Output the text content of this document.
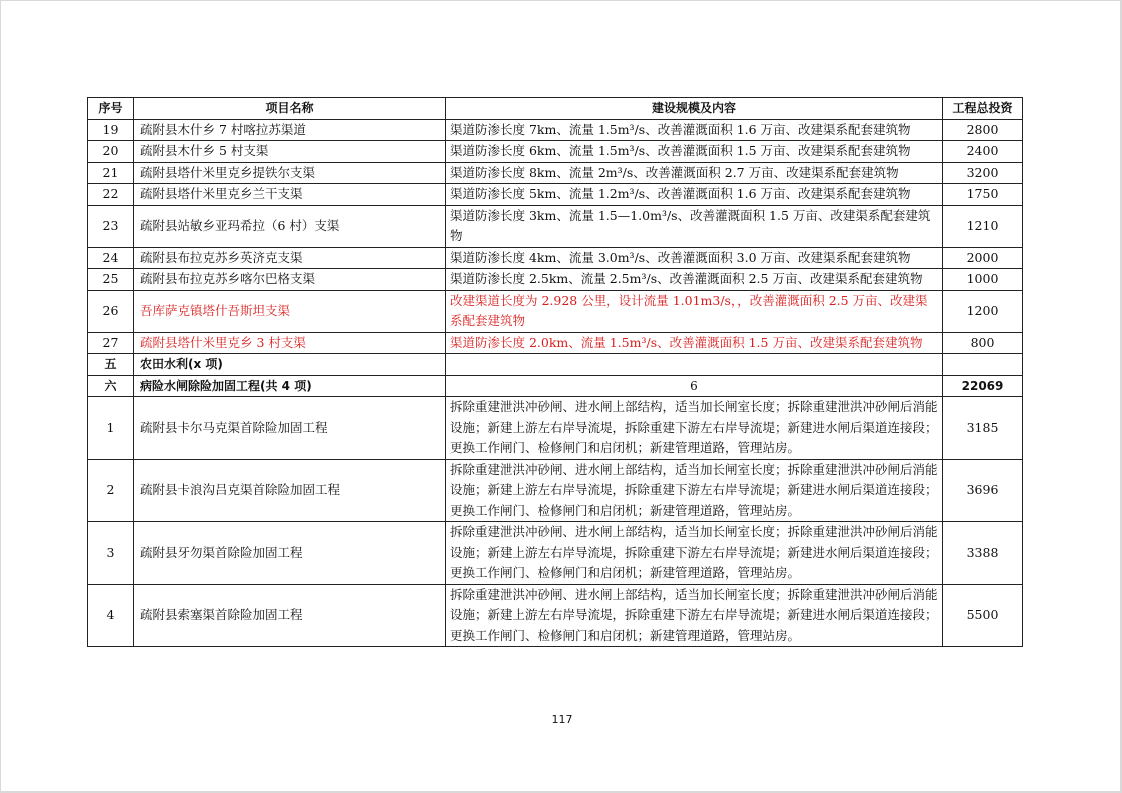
序号	项目名称	建设规模及内容	工程总投资
19	疏附县木什乡 7 村喀拉苏渠道	渠道防渗长度 7km、流量 1.5m³/s、改善灌溉面积 1.6 万亩、改建渠系配套建筑物	2800
20	疏附县木什乡 5 村支渠	渠道防渗长度 6km、流量 1.5m³/s、改善灌溉面积 1.5 万亩、改建渠系配套建筑物	2400
21	疏附县塔什米里克乡提铁尔支渠	渠道防渗长度 8km、流量 2m³/s、改善灌溉面积 2.7 万亩、改建渠系配套建筑物	3200
22	疏附县塔什米里克乡兰干支渠	渠道防渗长度 5km、流量 1.2m³/s、改善灌溉面积 1.6 万亩、改建渠系配套建筑物	1750
23	疏附县站敏乡亚玛希拉（6 村）支渠	渠道防渗长度 3km、流量 1.5—1.0m³/s、改善灌溉面积 1.5 万亩、改建渠系配套建筑物	1210
24	疏附县布拉克苏乡英济克支渠	渠道防渗长度 4km、流量 3.0m³/s、改善灌溉面积 3.0 万亩、改建渠系配套建筑物	2000
25	疏附县布拉克苏乡喀尔巴格支渠	渠道防渗长度 2.5km、流量 2.5m³/s、改善灌溉面积 2.5 万亩、改建渠系配套建筑物	1000
26	吾库萨克镇塔什吾斯坦支渠	改建渠道长度为 2.928 公里，设计流量 1.01m3/s，，改善灌溉面积 2.5 万亩、改建渠系配套建筑物	1200
27	疏附县塔什米里克乡 3 村支渠	渠道防渗长度 2.0km、流量 1.5m³/s、改善灌溉面积 1.5 万亩、改建渠系配套建筑物	800
五	农田水利(x 项)		
六	病险水闸除险加固工程(共 4 项)	6	22069
1	疏附县卡尔马克渠首除险加固工程	拆除重建泄洪冲砂闸、进水闸上部结构，适当加长闸室长度；拆除重建泄洪冲砂闸后消能设施；新建上游左右岸导流堤，拆除重建下游左右岸导流堤；新建进水闸后渠道连接段；更换工作闸门、检修闸门和启闭机；新建管理道路，管理站房。	3185
2	疏附县卡浪沟吕克渠首除险加固工程	拆除重建泄洪冲砂闸、进水闸上部结构，适当加长闸室长度；拆除重建泄洪冲砂闸后消能设施；新建上游左右岸导流堤，拆除重建下游左右岸导流堤；新建进水闸后渠道连接段；更换工作闸门、检修闸门和启闭机；新建管理道路，管理站房。	3696
3	疏附县牙勿渠首除险加固工程	拆除重建泄洪冲砂闸、进水闸上部结构，适当加长闸室长度；拆除重建泄洪冲砂闸后消能设施；新建上游左右岸导流堤，拆除重建下游左右岸导流堤；新建进水闸后渠道连接段；更换工作闸门、检修闸门和启闭机；新建管理道路，管理站房。	3388
4	疏附县索塞渠首除险加固工程	拆除重建泄洪冲砂闸、进水闸上部结构，适当加长闸室长度；拆除重建泄洪冲砂闸后消能设施；新建上游左右岸导流堤，拆除重建下游左右岸导流堤；新建进水闸后渠道连接段；更换工作闸门、检修闸门和启闭机；新建管理道路，管理站房。	5500
117
